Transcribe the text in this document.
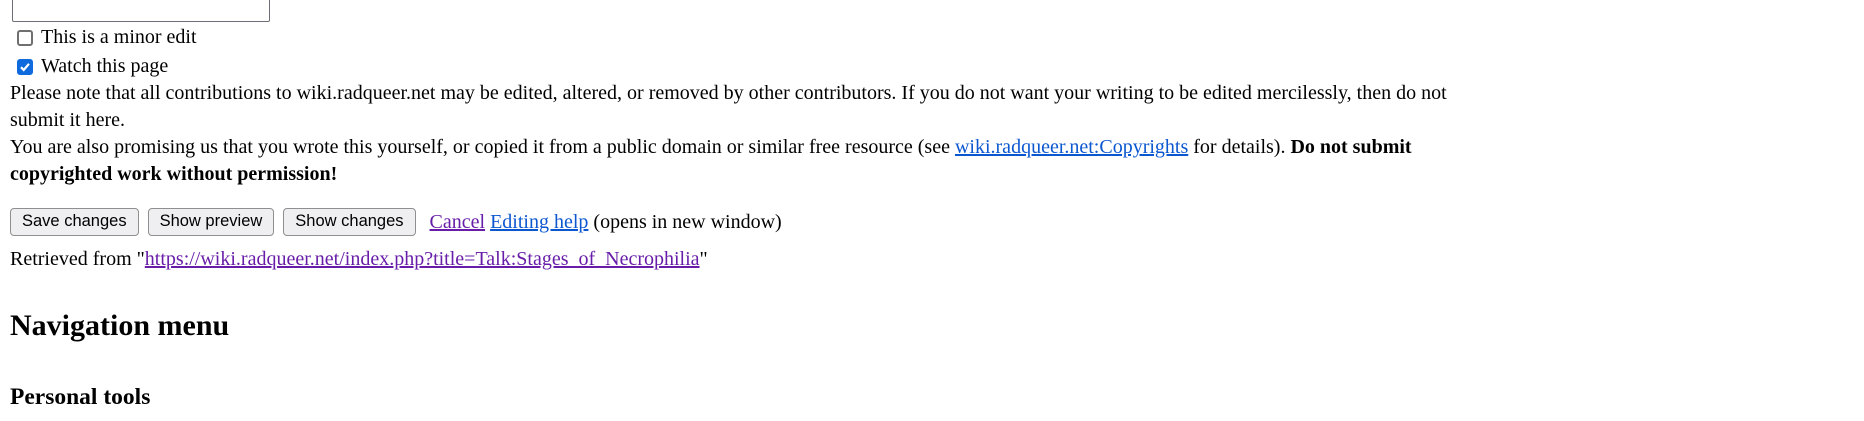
This is a minor edit
Watch this page
Please note that all contributions to wiki.radqueer.net may be edited, altered, or removed by other contributors. If you do not want your writing to be edited mercilessly, then do not
submit it here.
You are also promising us that you wrote this yourself, or copied it from a public domain or similar free resource (see wiki.radqueer.net:Copyrights for details). Do not submit
copyrighted work without permission!
Save changes	Show preview	Show changes	Cancel Editing help (opens in new window)
Retrieved from "https://wiki.radqueer.net/index.php?title=Talk:Stages_of_Necrophilia"
Navigation menu
Personal tools
